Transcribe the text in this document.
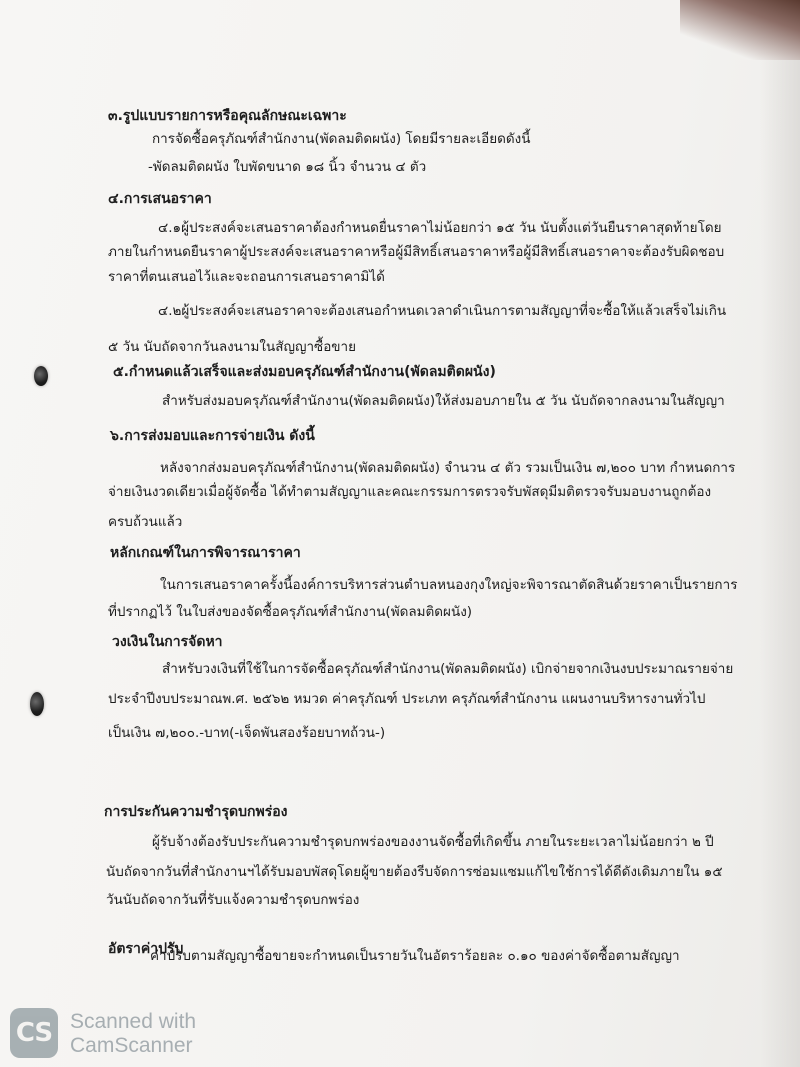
๓.รูปแบบรายการหรือคุณลักษณะเฉพาะ
การจัดซื้อครุภัณฑ์สำนักงาน(พัดลมติดผนัง) โดยมีรายละเอียดดังนี้
-พัดลมติดผนัง ใบพัดขนาด ๑๘ นิ้ว จำนวน ๔ ตัว
๔.การเสนอราคา
๔.๑ผู้ประสงค์จะเสนอราคาต้องกำหนดยื่นราคาไม่น้อยกว่า ๑๕ วัน นับตั้งแต่วันยืนราคาสุดท้ายโดย
ภายในกำหนดยืนราคาผู้ประสงค์จะเสนอราคาหรือผู้มีสิทธิ์เสนอราคาหรือผู้มีสิทธิ์เสนอราคาจะต้องรับผิดชอบ
ราคาที่ตนเสนอไว้และจะถอนการเสนอราคามิได้
๔.๒ผู้ประสงค์จะเสนอราคาจะต้องเสนอกำหนดเวลาดำเนินการตามสัญญาที่จะซื้อให้แล้วเสร็จไม่เกิน
๕ วัน นับถัดจากวันลงนามในสัญญาซื้อขาย
๕.กำหนดแล้วเสร็จและส่งมอบครุภัณฑ์สำนักงาน(พัดลมติดผนัง)
สำหรับส่งมอบครุภัณฑ์สำนักงาน(พัดลมติดผนัง)ให้ส่งมอบภายใน ๕ วัน นับถัดจากลงนามในสัญญา
๖.การส่งมอบและการจ่ายเงิน ดังนี้
หลังจากส่งมอบครุภัณฑ์สำนักงาน(พัดลมติดผนัง) จำนวน ๔ ตัว รวมเป็นเงิน ๗,๒๐๐ บาท กำหนดการ
จ่ายเงินงวดเดียวเมื่อผู้จัดซื้อ ได้ทำตามสัญญาและคณะกรรมการตรวจรับพัสดุมีมติตรวจรับมอบงานถูกต้อง
ครบถ้วนแล้ว
หลักเกณฑ์ในการพิจารณาราคา
ในการเสนอราคาครั้งนี้องค์การบริหารส่วนตำบลหนองกุงใหญ่จะพิจารณาตัดสินด้วยราคาเป็นรายการ
ที่ปรากฏไว้ ในใบส่งของจัดซื้อครุภัณฑ์สำนักงาน(พัดลมติดผนัง)
วงเงินในการจัดหา
สำหรับวงเงินที่ใช้ในการจัดซื้อครุภัณฑ์สำนักงาน(พัดลมติดผนัง) เบิกจ่ายจากเงินงบประมาณรายจ่าย
ประจำปีงบประมาณพ.ศ. ๒๕๖๒ หมวด ค่าครุภัณฑ์ ประเภท ครุภัณฑ์สำนักงาน แผนงานบริหารงานทั่วไป
เป็นเงิน ๗,๒๐๐.-บาท(-เจ็ดพันสองร้อยบาทถ้วน-)
การประกันความชำรุดบกพร่อง
ผู้รับจ้างต้องรับประกันความชำรุดบกพร่องของงานจัดซื้อที่เกิดขึ้น ภายในระยะเวลาไม่น้อยกว่า ๒ ปี
นับถัดจากวันที่สำนักงานฯได้รับมอบพัสดุโดยผู้ขายต้องรีบจัดการซ่อมแซมแก้ไขใช้การได้ดีดังเดิมภายใน ๑๕
วันนับถัดจากวันที่รับแจ้งความชำรุดบกพร่อง
อัตราค่าปรับ
ค่าปรับตามสัญญาซื้อขายจะกำหนดเป็นรายวันในอัตราร้อยละ ๐.๑๐ ของค่าจัดซื้อตามสัญญา
CS Scanned with
CamScanner
